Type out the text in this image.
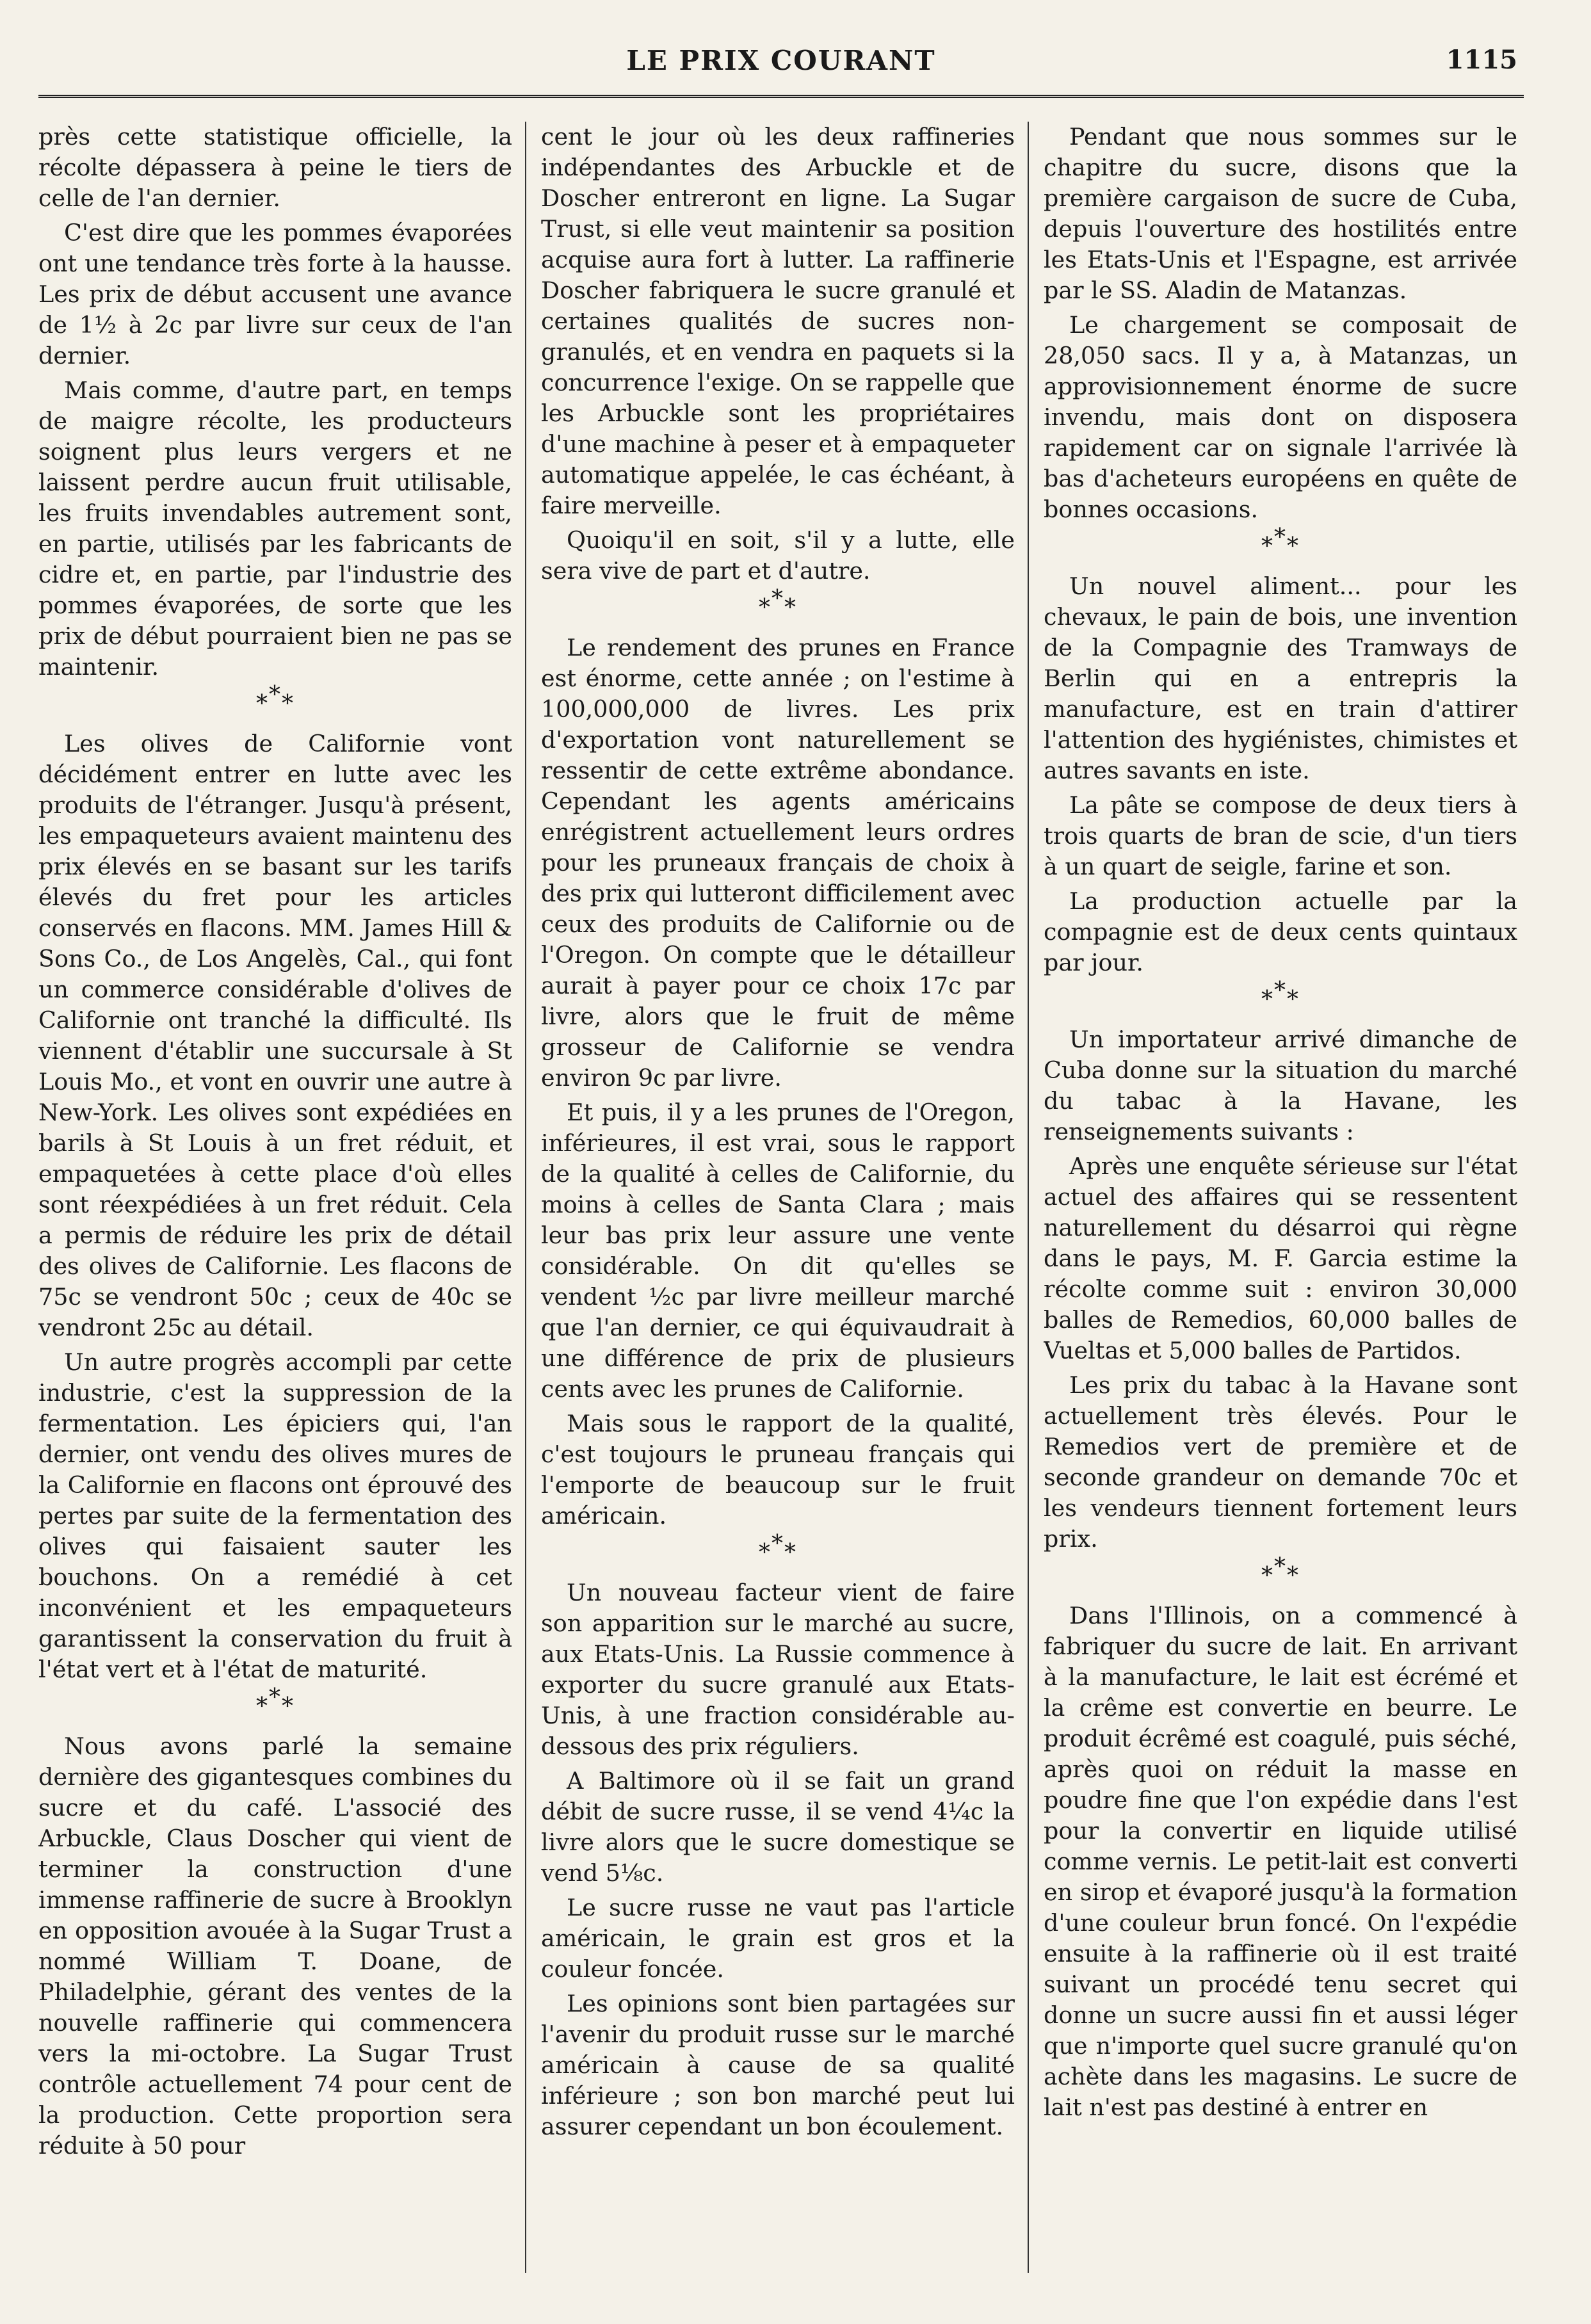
LE PRIX COURANT	1115

près cette statistique officielle, la récolte dépassera à peine le tiers de celle de l'an dernier.

C'est dire que les pommes évaporées ont une tendance très forte à la hausse. Les prix de début accusent une avance de 1½ à 2c par livre sur ceux de l'an dernier.

Mais comme, d'autre part, en temps de maigre récolte, les producteurs soignent plus leurs vergers et ne laissent perdre aucun fruit utilisable, les fruits invendables autrement sont, en partie, utilisés par les fabricants de cidre et, en partie, par l'industrie des pommes évaporées, de sorte que les prix de début pourraient bien ne pas se maintenir.

***

Les olives de Californie vont décidément entrer en lutte avec les produits de l'étranger. Jusqu'à présent, les empaqueteurs avaient maintenu des prix élevés en se basant sur les tarifs élevés du fret pour les articles conservés en flacons. MM. James Hill & Sons Co., de Los Angelès, Cal., qui font un commerce considérable d'olives de Californie ont tranché la difficulté. Ils viennent d'établir une succursale à St Louis Mo., et vont en ouvrir une autre à New-York. Les olives sont expédiées en barils à St Louis à un fret réduit, et empaquetées à cette place d'où elles sont réexpédiées à un fret réduit. Cela a permis de réduire les prix de détail des olives de Californie. Les flacons de 75c se vendront 50c ; ceux de 40c se vendront 25c au détail.

Un autre progrès accompli par cette industrie, c'est la suppression de la fermentation. Les épiciers qui, l'an dernier, ont vendu des olives mures de la Californie en flacons ont éprouvé des pertes par suite de la fermentation des olives qui faisaient sauter les bouchons. On a remédié à cet inconvénient et les empaqueteurs garantissent la conservation du fruit à l'état vert et à l'état de maturité.

***

Nous avons parlé la semaine dernière des gigantesques combines du sucre et du café. L'associé des Arbuckle, Claus Doscher qui vient de terminer la construction d'une immense raffinerie de sucre à Brooklyn en opposition avouée à la Sugar Trust a nommé William T. Doane, de Philadelphie, gérant des ventes de la nouvelle raffinerie qui commencera vers la mi-octobre. La Sugar Trust contrôle actuellement 74 pour cent de la production. Cette proportion sera réduite à 50 pour

cent le jour où les deux raffineries indépendantes des Arbuckle et de Doscher entreront en ligne. La Sugar Trust, si elle veut maintenir sa position acquise aura fort à lutter. La raffinerie Doscher fabriquera le sucre granulé et certaines qualités de sucres non-granulés, et en vendra en paquets si la concurrence l'exige. On se rappelle que les Arbuckle sont les propriétaires d'une machine à peser et à empaqueter automatique appelée, le cas échéant, à faire merveille.

Quoiqu'il en soit, s'il y a lutte, elle sera vive de part et d'autre.

***

Le rendement des prunes en France est énorme, cette année ; on l'estime à 100,000,000 de livres. Les prix d'exportation vont naturellement se ressentir de cette extrême abondance. Cependant les agents américains enrégistrent actuellement leurs ordres pour les pruneaux français de choix à des prix qui lutteront difficilement avec ceux des produits de Californie ou de l'Oregon. On compte que le détailleur aurait à payer pour ce choix 17c par livre, alors que le fruit de même grosseur de Californie se vendra environ 9c par livre.

Et puis, il y a les prunes de l'Oregon, inférieures, il est vrai, sous le rapport de la qualité à celles de Californie, du moins à celles de Santa Clara ; mais leur bas prix leur assure une vente considérable. On dit qu'elles se vendent ½c par livre meilleur marché que l'an dernier, ce qui équivaudrait à une différence de prix de plusieurs cents avec les prunes de Californie.

Mais sous le rapport de la qualité, c'est toujours le pruneau français qui l'emporte de beaucoup sur le fruit américain.

***

Un nouveau facteur vient de faire son apparition sur le marché au sucre, aux Etats-Unis. La Russie commence à exporter du sucre granulé aux Etats-Unis, à une fraction considérable au-dessous des prix réguliers.

A Baltimore où il se fait un grand débit de sucre russe, il se vend 4¼c la livre alors que le sucre domestique se vend 5⅛c.

Le sucre russe ne vaut pas l'article américain, le grain est gros et la couleur foncée.

Les opinions sont bien partagées sur l'avenir du produit russe sur le marché américain à cause de sa qualité inférieure ; son bon marché peut lui assurer cependant un bon écoulement.

Pendant que nous sommes sur le chapitre du sucre, disons que la première cargaison de sucre de Cuba, depuis l'ouverture des hostilités entre les Etats-Unis et l'Espagne, est arrivée par le SS. Aladin de Matanzas.

Le chargement se composait de 28,050 sacs. Il y a, à Matanzas, un approvisionnement énorme de sucre invendu, mais dont on disposera rapidement car on signale l'arrivée là bas d'acheteurs européens en quête de bonnes occasions.

***

Un nouvel aliment... pour les chevaux, le pain de bois, une invention de la Compagnie des Tramways de Berlin qui en a entrepris la manufacture, est en train d'attirer l'attention des hygiénistes, chimistes et autres savants en iste.

La pâte se compose de deux tiers à trois quarts de bran de scie, d'un tiers à un quart de seigle, farine et son.

La production actuelle par la compagnie est de deux cents quintaux par jour.

***

Un importateur arrivé dimanche de Cuba donne sur la situation du marché du tabac à la Havane, les renseignements suivants :

Après une enquête sérieuse sur l'état actuel des affaires qui se ressentent naturellement du désarroi qui règne dans le pays, M. F. Garcia estime la récolte comme suit : environ 30,000 balles de Remedios, 60,000 balles de Vueltas et 5,000 balles de Partidos.

Les prix du tabac à la Havane sont actuellement très élevés. Pour le Remedios vert de première et de seconde grandeur on demande 70c et les vendeurs tiennent fortement leurs prix.

***

Dans l'Illinois, on a commencé à fabriquer du sucre de lait. En arrivant à la manufacture, le lait est écrémé et la crême est convertie en beurre. Le produit écrêmé est coagulé, puis séché, après quoi on réduit la masse en poudre fine que l'on expédie dans l'est pour la convertir en liquide utilisé comme vernis. Le petit-lait est converti en sirop et évaporé jusqu'à la formation d'une couleur brun foncé. On l'expédie ensuite à la raffinerie où il est traité suivant un procédé tenu secret qui donne un sucre aussi fin et aussi léger que n'importe quel sucre granulé qu'on achète dans les magasins. Le sucre de lait n'est pas destiné à entrer en
